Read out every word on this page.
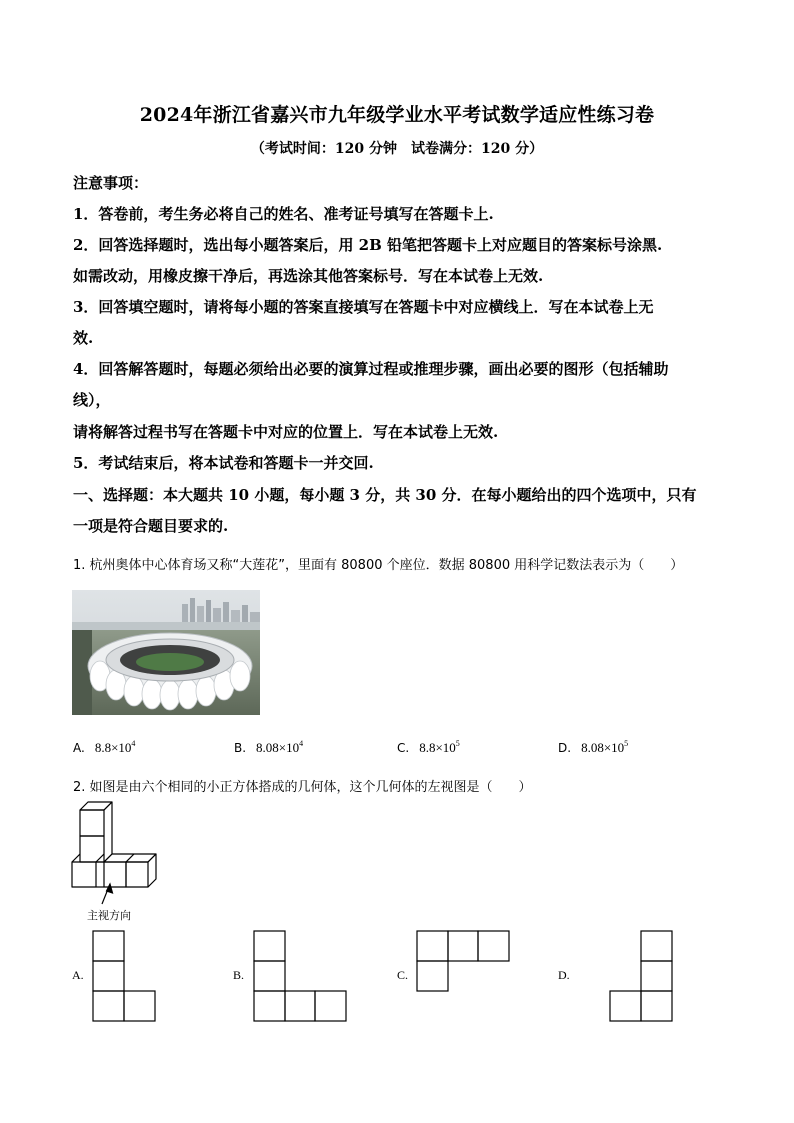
2024年浙江省嘉兴市九年级学业水平考试数学适应性练习卷
（考试时间：120 分钟　试卷满分：120 分）
注意事项：
1．答卷前，考生务必将自己的姓名、准考证号填写在答题卡上.
2．回答选择题时，选出每小题答案后，用 2B 铅笔把答题卡上对应题目的答案标号涂黑.
如需改动，用橡皮擦干净后，再选涂其他答案标号．写在本试卷上无效.
3．回答填空题时，请将每小题的答案直接填写在答题卡中对应横线上．写在本试卷上无
效.
4．回答解答题时，每题必须给出必要的演算过程或推理步骤，画出必要的图形（包括辅助
线），
请将解答过程书写在答题卡中对应的位置上．写在本试卷上无效.
5．考试结束后，将本试卷和答题卡一并交回.
一、选择题：本大题共 10 小题，每小题 3 分，共 30 分．在每小题给出的四个选项中，只有
一项是符合题目要求的.
1. 杭州奥体中心体育场又称“大莲花”，里面有 80800 个座位．数据 80800 用科学记数法表示为（　　）
A. $8.8\times 10^4$	B. $8.08\times 10^4$	C. $8.8\times 10^5$	D. $8.08\times 10^5$
2. 如图是由六个相同的小正方体搭成的几何体，这个几何体的左视图是（　　）
主视方向
A.	B.	C.	D.
